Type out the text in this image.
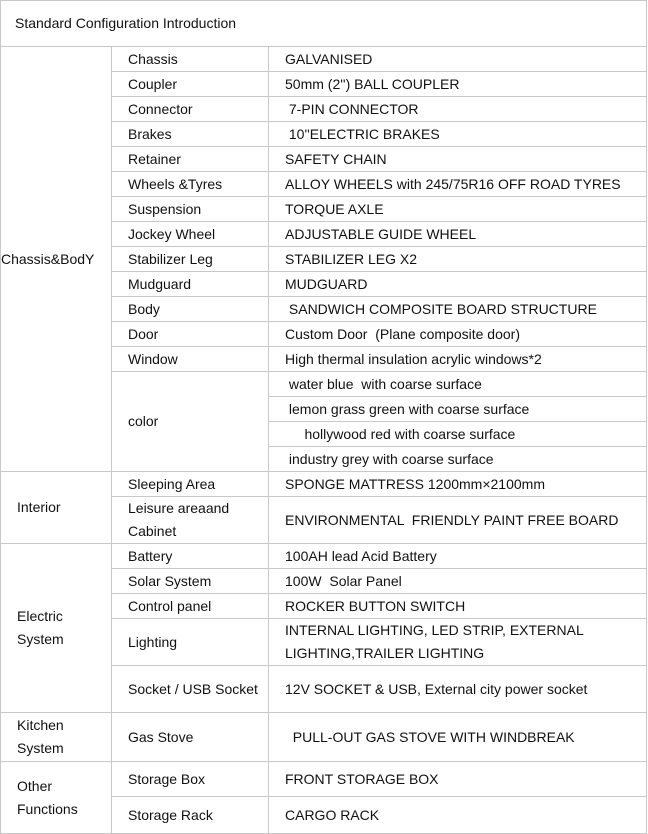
Standard Configuration Introduction		
Chassis&BodY	Chassis	GALVANISED
	Coupler	50mm (2'') BALL COUPLER
	Connector	7-PIN CONNECTOR
	Brakes	10''ELECTRIC BRAKES
	Retainer	SAFETY CHAIN
	Wheels &Tyres	ALLOY WHEELS with 245/75R16 OFF ROAD TYRES
	Suspension	TORQUE AXLE
	Jockey Wheel	ADJUSTABLE GUIDE WHEEL
	Stabilizer Leg	STABILIZER LEG X2
	Mudguard	MUDGUARD
	Body	SANDWICH COMPOSITE BOARD STRUCTURE
	Door	Custom Door  (Plane composite door)
	Window	High thermal insulation acrylic windows*2
	color	water blue  with coarse surface
		lemon grass green with coarse surface
		hollywood red with coarse surface
		industry grey with coarse surface
Interior	Sleeping Area	SPONGE MATTRESS 1200mm×2100mm
	Leisure areaand Cabinet	ENVIRONMENTAL  FRIENDLY PAINT FREE BOARD
Electric System	Battery	100AH lead Acid Battery
	Solar System	100W  Solar Panel
	Control panel	ROCKER BUTTON SWITCH
	Lighting	INTERNAL LIGHTING, LED STRIP, EXTERNAL LIGHTING,TRAILER LIGHTING
	Socket / USB Socket	12V SOCKET & USB, External city power socket
Kitchen System	Gas Stove	PULL-OUT GAS STOVE WITH WINDBREAK
Other Functions	Storage Box	FRONT STORAGE BOX
	Storage Rack	CARGO RACK
